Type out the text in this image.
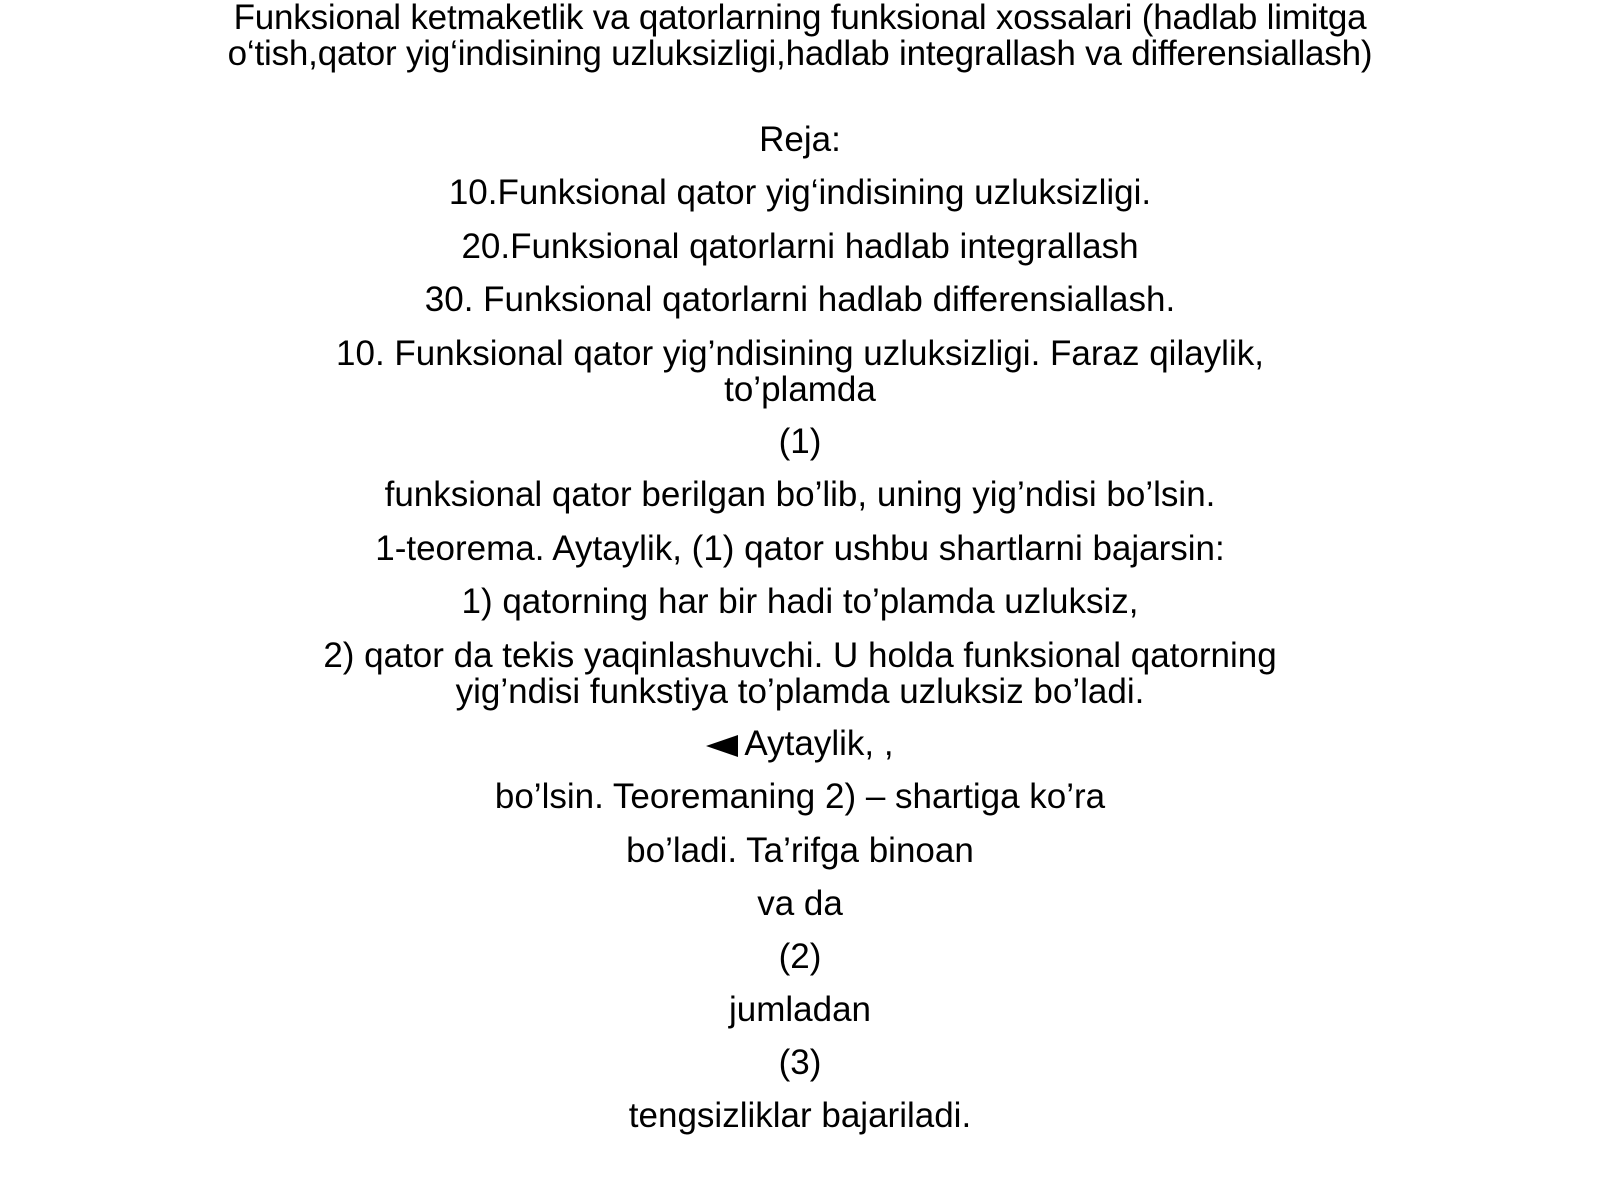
Funksional ketmaketlik va qatorlarning funksional xossalari (hadlab limitga o‘tish,qator yig‘indisining uzluksizligi,hadlab integrallash va differensiallash)

Reja:

10.Funksional qator yig‘indisining uzluksizligi.

20.Funksional qatorlarni hadlab integrallash

30. Funksional qatorlarni hadlab differensiallash.

10. Funksional qator yig’ndisining uzluksizligi. Faraz qilaylik, to’plamda

(1)

funksional qator berilgan bo’lib, uning yig’ndisi bo’lsin.

1-teorema. Aytaylik, (1) qator ushbu shartlarni bajarsin:

1) qatorning har bir hadi to’plamda uzluksiz,

2) qator da tekis yaqinlashuvchi. U holda funksional qatorning yig’ndisi funkstiya to’plamda uzluksiz bo’ladi.

Aytaylik, ,

bo’lsin. Teoremaning 2) – shartiga ko’ra

bo’ladi. Ta’rifga binoan

va da

(2)

jumladan

(3)

tengsizliklar bajariladi.
